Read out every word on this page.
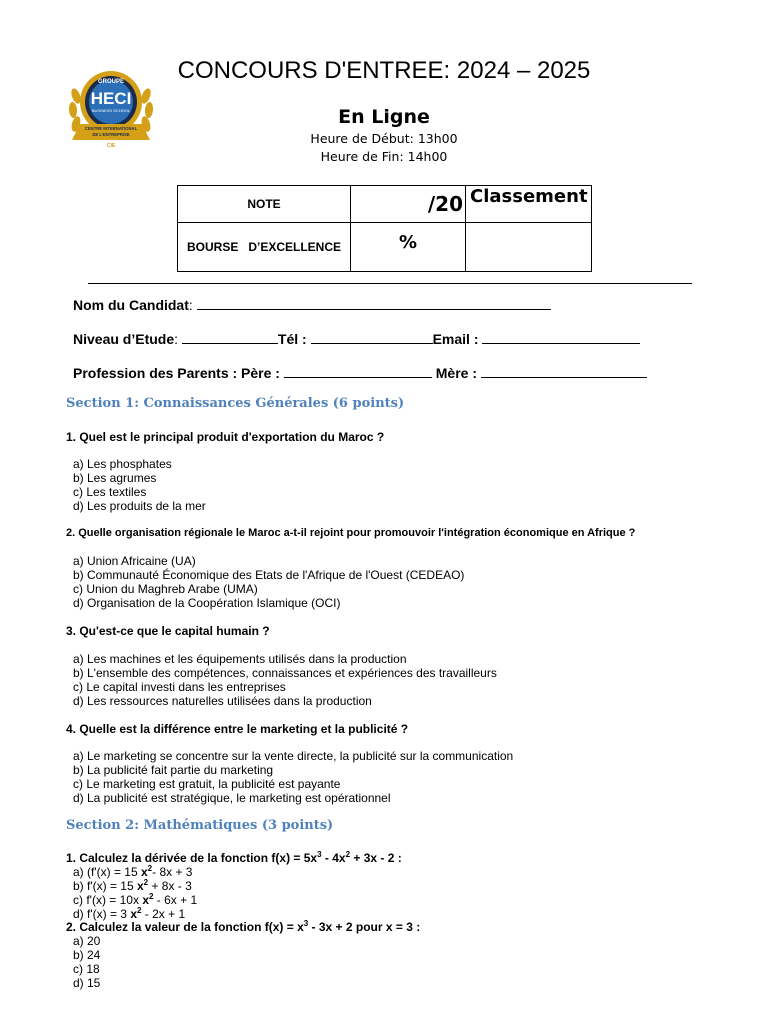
GROUPE
HECI
BUSINESS SCHOOL
CENTRE INTERNATIONAL
DE L'ENTREPRISE
CIE
CONCOURS D'ENTREE: 2024 – 2025
En Ligne
Heure de Début: 13h00
Heure de Fin: 14h00
NOTE	/20 Classement
BOURSE   D’EXCELLENCE	%
Nom du Candidat:
Niveau d’Etude:	Tél :	Email :
Profession des Parents : Père :	Mère :
Section 1: Connaissances Générales (6 points)
1. Quel est le principal produit d'exportation du Maroc ?
a) Les phosphates
b) Les agrumes
c) Les textiles
d) Les produits de la mer
2. Quelle organisation régionale le Maroc a-t-il rejoint pour promouvoir l'intégration économique en Afrique ?
a) Union Africaine (UA)
b) Communauté Économique des Etats de l'Afrique de l'Ouest (CEDEAO)
c) Union du Maghreb Arabe (UMA)
d) Organisation de la Coopération Islamique (OCI)
3. Qu'est-ce que le capital humain ?
a) Les machines et les équipements utilisés dans la production
b) L'ensemble des compétences, connaissances et expériences des travailleurs
c) Le capital investi dans les entreprises
d) Les ressources naturelles utilisées dans la production
4. Quelle est la différence entre le marketing et la publicité ?
a) Le marketing se concentre sur la vente directe, la publicité sur la communication
b) La publicité fait partie du marketing
c) Le marketing est gratuit, la publicité est payante
d) La publicité est stratégique, le marketing est opérationnel
Section 2: Mathématiques (3 points)
1. Calculez la dérivée de la fonction $f(x) = 5x^3 - 4x^2 + 3x - 2$ :
a) (f'(x) = 15 $x^2-$ 8x + 3
b) f'(x) = 15 $x^2 + 8x - 3$
c) f'(x) = 10x $x^2 - 6x + 1$
d) f'(x) = 3 $x^2 - 2x + 1$
2. Calculez la valeur de la fonction $f(x) = x^3 - 3x + 2$ pour x = 3 :
a) 20
b) 24
c) 18
d) 15
